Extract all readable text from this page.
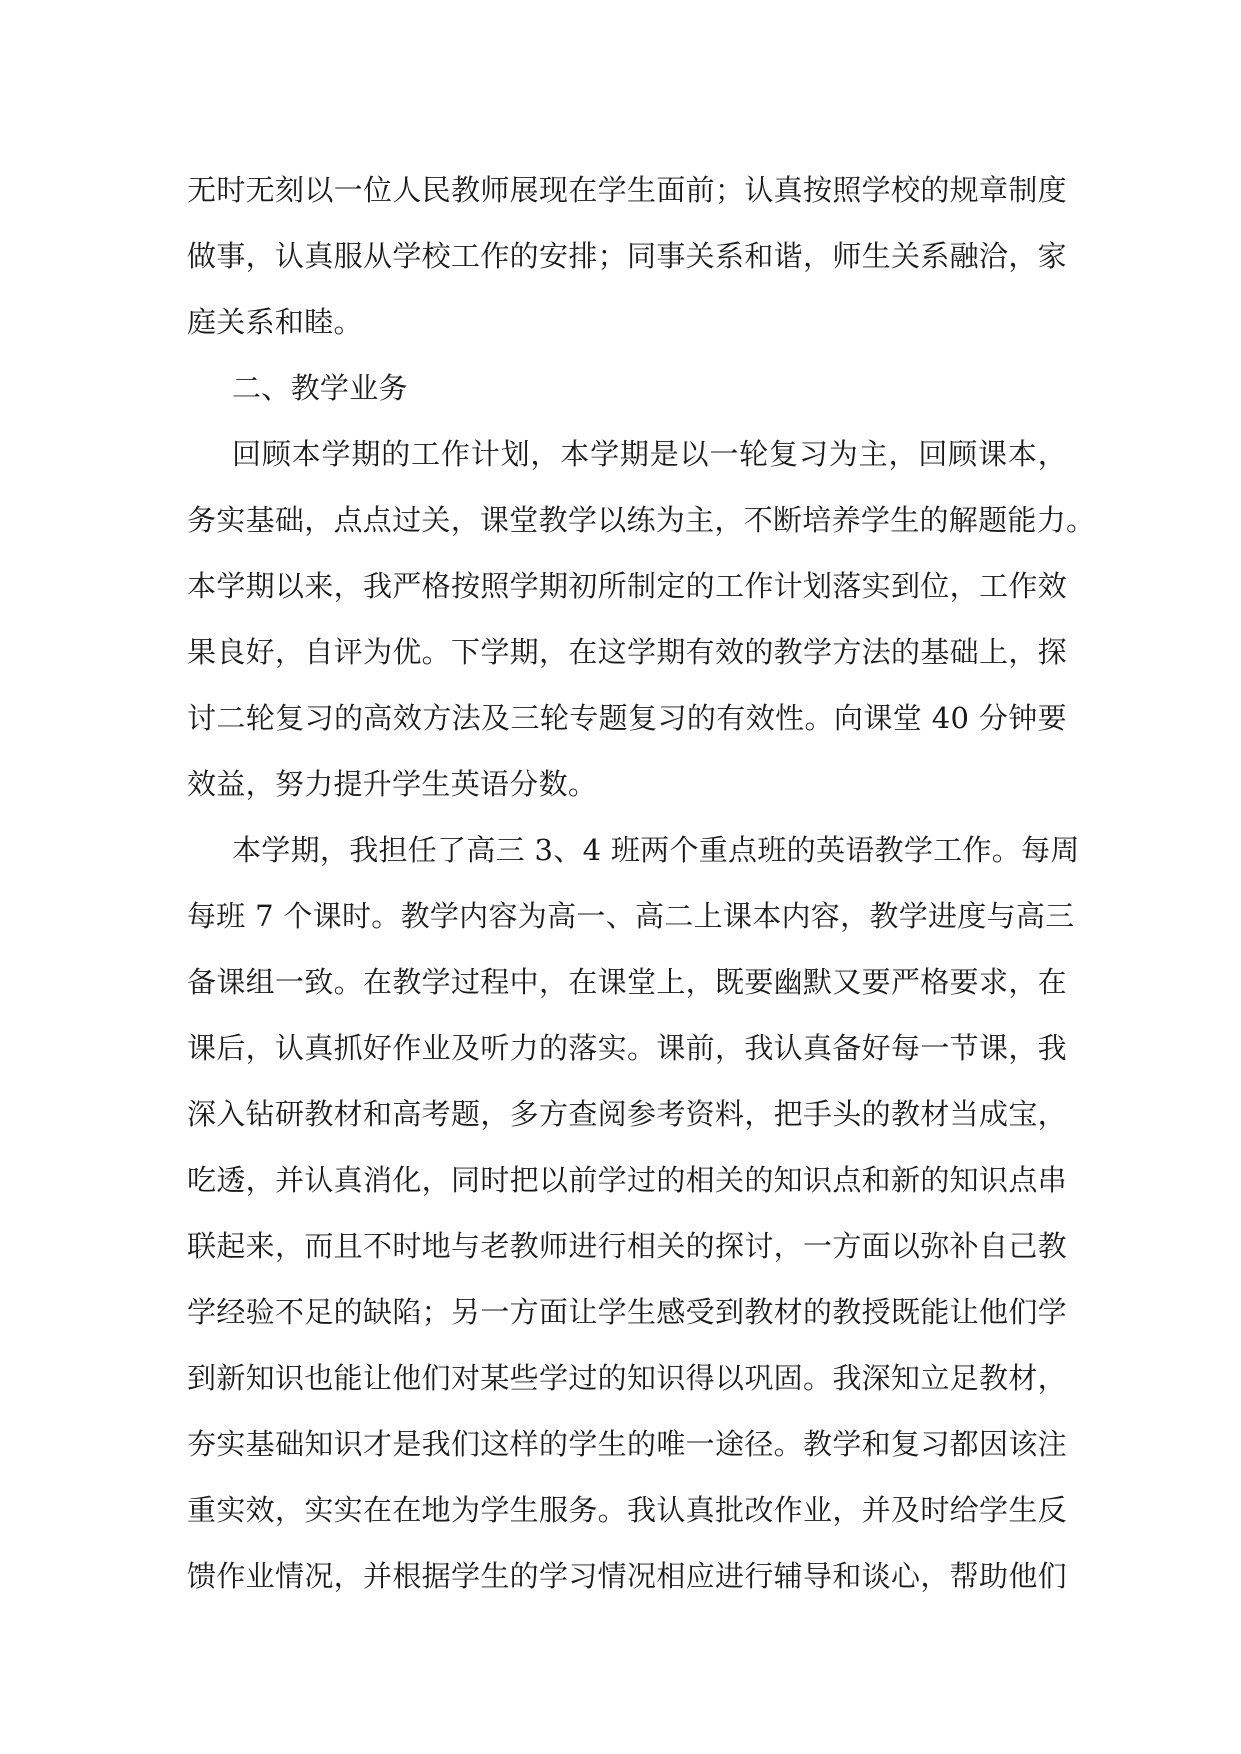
无时无刻以一位人民教师展现在学生面前；认真按照学校的规章制度
做事，认真服从学校工作的安排；同事关系和谐，师生关系融洽，家
庭关系和睦。
二、教学业务
回顾本学期的工作计划，本学期是以一轮复习为主，回顾课本，
务实基础，点点过关，课堂教学以练为主，不断培养学生的解题能力。
本学期以来，我严格按照学期初所制定的工作计划落实到位，工作效
果良好，自评为优。下学期，在这学期有效的教学方法的基础上，探
讨二轮复习的高效方法及三轮专题复习的有效性。向课堂 40 分钟要
效益，努力提升学生英语分数。
本学期，我担任了高三 3、4 班两个重点班的英语教学工作。每周
每班 7 个课时。教学内容为高一、高二上课本内容，教学进度与高三
备课组一致。在教学过程中，在课堂上，既要幽默又要严格要求，在
课后，认真抓好作业及听力的落实。课前，我认真备好每一节课，我
深入钻研教材和高考题，多方查阅参考资料，把手头的教材当成宝，
吃透，并认真消化，同时把以前学过的相关的知识点和新的知识点串
联起来，而且不时地与老教师进行相关的探讨，一方面以弥补自己教
学经验不足的缺陷；另一方面让学生感受到教材的教授既能让他们学
到新知识也能让他们对某些学过的知识得以巩固。我深知立足教材，
夯实基础知识才是我们这样的学生的唯一途径。教学和复习都因该注
重实效，实实在在地为学生服务。我认真批改作业，并及时给学生反
馈作业情况，并根据学生的学习情况相应进行辅导和谈心，帮助他们
